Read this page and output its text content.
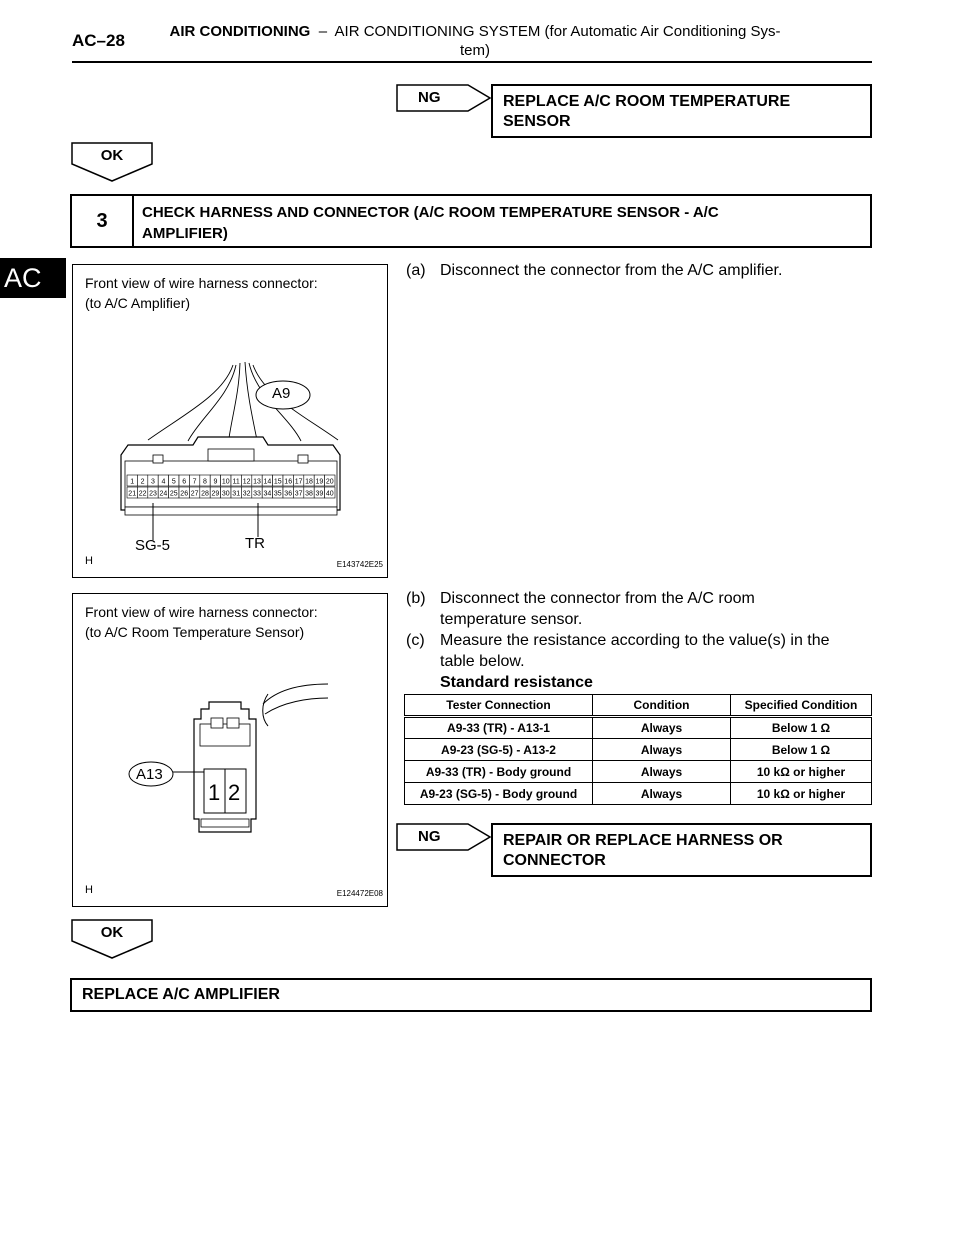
AC–28	AIR CONDITIONING – AIR CONDITIONING SYSTEM (for Automatic Air Conditioning Sys-
tem)
AC
NG	REPLACE A/C ROOM TEMPERATURE
SENSOR
OK
3	CHECK HARNESS AND CONNECTOR (A/C ROOM TEMPERATURE SENSOR - A/C
AMPLIFIER)
Front view of wire harness connector:
(to A/C Amplifier)
1 2 3 4 5 6 7 8 9 10 11 12 13 14 15 16 17 18 19 20
21 22 23 24 25 26 27 28 29 30 31 32 33 34 35 36 37 38 39 40
A9
SG-5	TR
H	E143742E25
(a) Disconnect the connector from the A/C amplifier.
(b) Disconnect the connector from the A/C room
temperature sensor.
(c) Measure the resistance according to the value(s) in the
table below.
Standard resistance
Front view of wire harness connector:
(to A/C Room Temperature Sensor)
A13
1 2
H	E124472E08
Tester Connection	Condition	Specified Condition
A9-33 (TR) - A13-1	Always	Below 1 Ω
A9-23 (SG-5) - A13-2	Always	Below 1 Ω
A9-33 (TR) - Body ground	Always	10 kΩ or higher
A9-23 (SG-5) - Body ground	Always	10 kΩ or higher
NG	REPAIR OR REPLACE HARNESS OR
CONNECTOR
OK
REPLACE A/C AMPLIFIER
